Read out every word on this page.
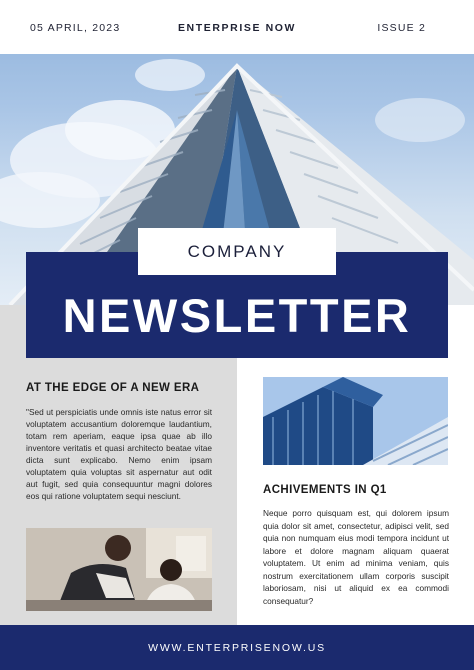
05 APRIL, 2023	ENTERPRISE NOW	ISSUE 2
NEWSLETTER
COMPANY
AT THE EDGE OF A NEW ERA
"Sed ut perspiciatis unde omnis iste natus error sit voluptatem accusantium doloremque laudantium, totam rem aperiam, eaque ipsa quae ab illo inventore veritatis et quasi architecto beatae vitae dicta sunt explicabo. Nemo enim ipsam voluptatem quia voluptas sit aspernatur aut odit aut fugit, sed quia consequuntur magni dolores eos qui ratione voluptatem sequi nesciunt.	ACHIVEMENTS IN Q1
Neque porro quisquam est, qui dolorem ipsum quia dolor sit amet, consectetur, adipisci velit, sed quia non numquam eius modi tempora incidunt ut labore et dolore magnam aliquam quaerat voluptatem. Ut enim ad minima veniam, quis nostrum exercitationem ullam corporis suscipit laboriosam, nisi ut aliquid ex ea commodi consequatur?
WWW.ENTERPRISENOW.US
